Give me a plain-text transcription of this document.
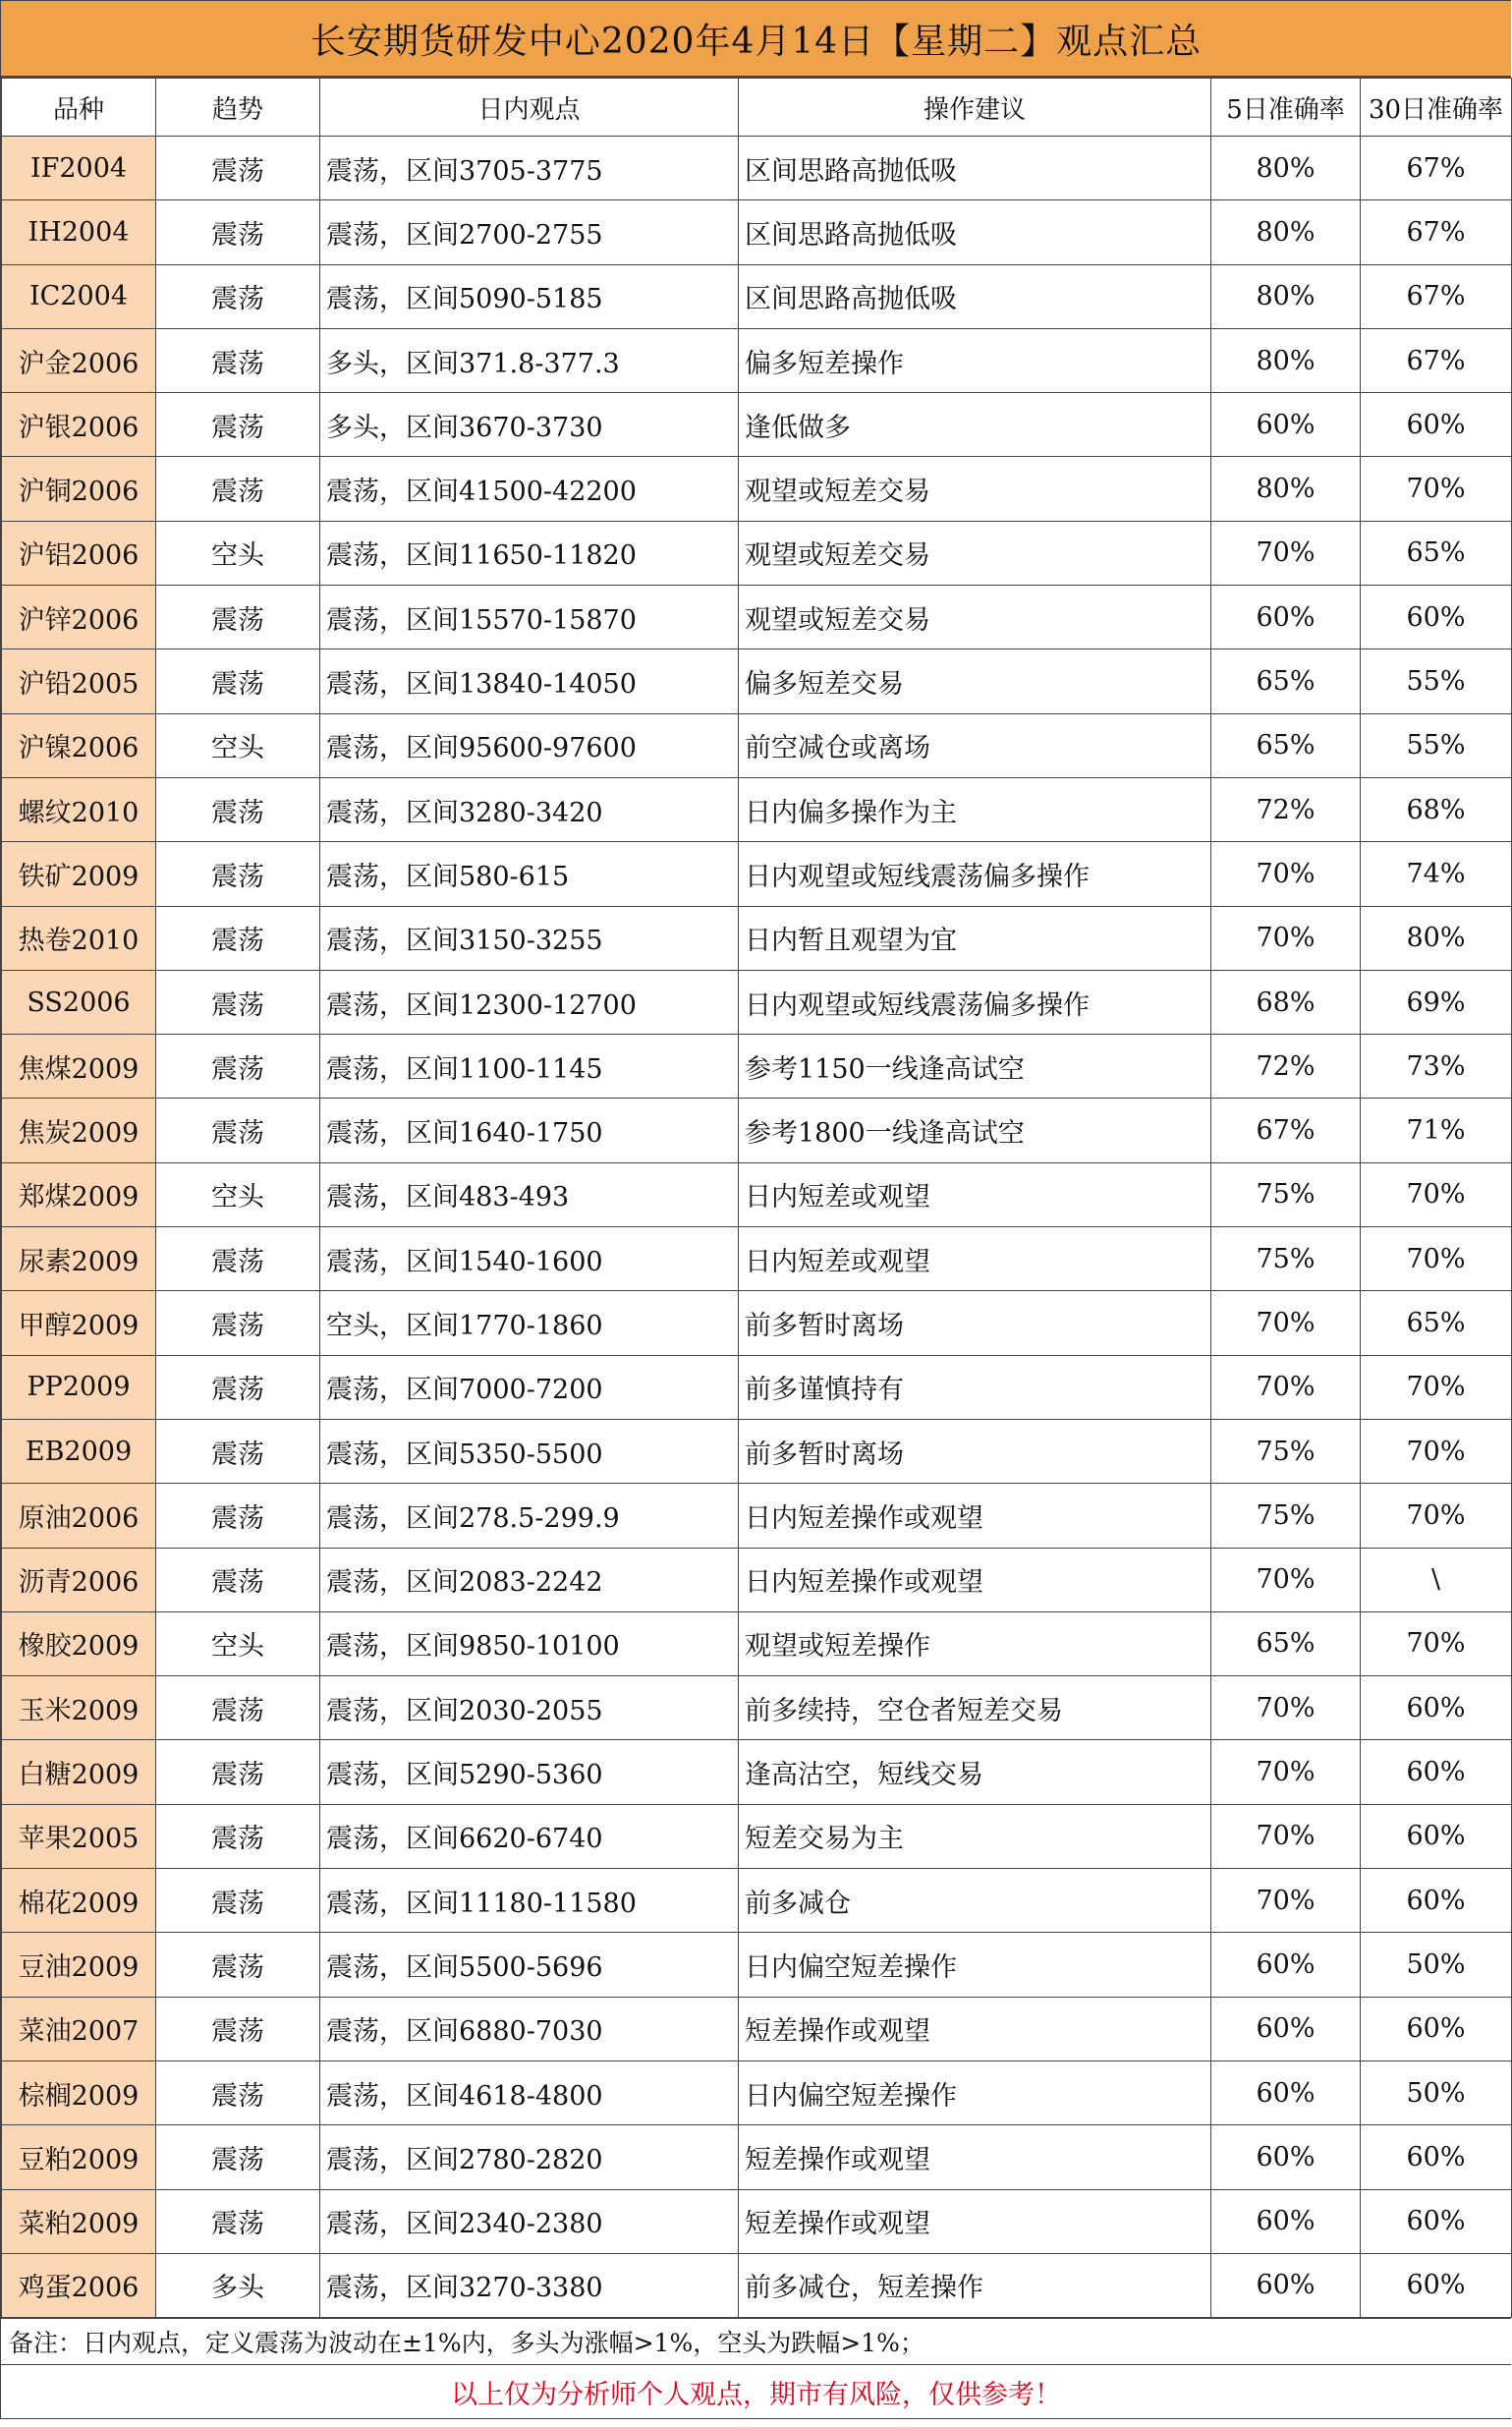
长安期货研发中心2020年4月14日【星期二】观点汇总
品种	趋势	日内观点	操作建议	5日准确率	30日准确率
IF2004	震荡	震荡，区间3705-3775	区间思路高抛低吸	80%	67%
IH2004	震荡	震荡，区间2700-2755	区间思路高抛低吸	80%	67%
IC2004	震荡	震荡，区间5090-5185	区间思路高抛低吸	80%	67%
沪金2006	震荡	多头，区间371.8-377.3	偏多短差操作	80%	67%
沪银2006	震荡	多头，区间3670-3730	逢低做多	60%	60%
沪铜2006	震荡	震荡，区间41500-42200	观望或短差交易	80%	70%
沪铝2006	空头	震荡，区间11650-11820	观望或短差交易	70%	65%
沪锌2006	震荡	震荡，区间15570-15870	观望或短差交易	60%	60%
沪铅2005	震荡	震荡，区间13840-14050	偏多短差交易	65%	55%
沪镍2006	空头	震荡，区间95600-97600	前空减仓或离场	65%	55%
螺纹2010	震荡	震荡，区间3280-3420	日内偏多操作为主	72%	68%
铁矿2009	震荡	震荡，区间580-615	日内观望或短线震荡偏多操作	70%	74%
热卷2010	震荡	震荡，区间3150-3255	日内暂且观望为宜	70%	80%
SS2006	震荡	震荡，区间12300-12700	日内观望或短线震荡偏多操作	68%	69%
焦煤2009	震荡	震荡，区间1100-1145	参考1150一线逢高试空	72%	73%
焦炭2009	震荡	震荡，区间1640-1750	参考1800一线逢高试空	67%	71%
郑煤2009	空头	震荡，区间483-493	日内短差或观望	75%	70%
尿素2009	震荡	震荡，区间1540-1600	日内短差或观望	75%	70%
甲醇2009	震荡	空头，区间1770-1860	前多暂时离场	70%	65%
PP2009	震荡	震荡，区间7000-7200	前多谨慎持有	70%	70%
EB2009	震荡	震荡，区间5350-5500	前多暂时离场	75%	70%
原油2006	震荡	震荡，区间278.5-299.9	日内短差操作或观望	75%	70%
沥青2006	震荡	震荡，区间2083-2242	日内短差操作或观望	70%	\
橡胶2009	空头	震荡，区间9850-10100	观望或短差操作	65%	70%
玉米2009	震荡	震荡，区间2030-2055	前多续持，空仓者短差交易	70%	60%
白糖2009	震荡	震荡，区间5290-5360	逢高沽空，短线交易	70%	60%
苹果2005	震荡	震荡，区间6620-6740	短差交易为主	70%	60%
棉花2009	震荡	震荡，区间11180-11580	前多减仓	70%	60%
豆油2009	震荡	震荡，区间5500-5696	日内偏空短差操作	60%	50%
菜油2007	震荡	震荡，区间6880-7030	短差操作或观望	60%	60%
棕榈2009	震荡	震荡，区间4618-4800	日内偏空短差操作	60%	50%
豆粕2009	震荡	震荡，区间2780-2820	短差操作或观望	60%	60%
菜粕2009	震荡	震荡，区间2340-2380	短差操作或观望	60%	60%
鸡蛋2006	多头	震荡，区间3270-3380	前多减仓，短差操作	60%	60%
备注：日内观点，定义震荡为波动在±1%内，多头为涨幅>1%，空头为跌幅>1%；
以上仅为分析师个人观点，期市有风险，仅供参考！
